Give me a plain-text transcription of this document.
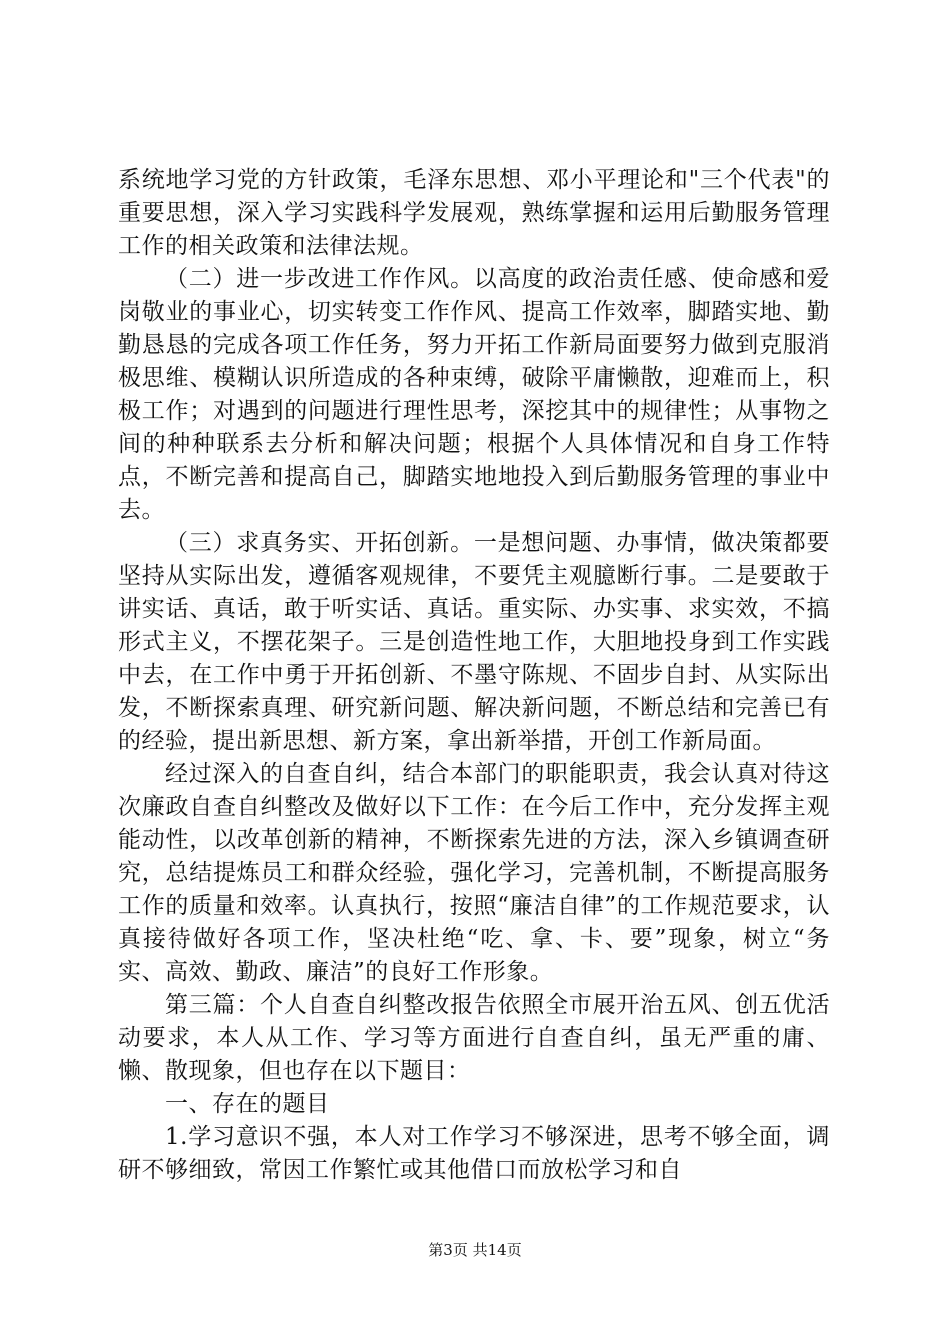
系统地学习党的方针政策，毛泽东思想、邓小平理论和"三个代表"的重要思想，深入学习实践科学发展观，熟练掌握和运用后勤服务管理工作的相关政策和法律法规。

（二）进一步改进工作作风。以高度的政治责任感、使命感和爱岗敬业的事业心，切实转变工作作风、提高工作效率，脚踏实地、勤勤恳恳的完成各项工作任务，努力开拓工作新局面要努力做到克服消极思维、模糊认识所造成的各种束缚，破除平庸懒散，迎难而上，积极工作；对遇到的问题进行理性思考，深挖其中的规律性；从事物之间的种种联系去分析和解决问题；根据个人具体情况和自身工作特点，不断完善和提高自己，脚踏实地地投入到后勤服务管理的事业中去。

（三）求真务实、开拓创新。一是想问题、办事情，做决策都要坚持从实际出发，遵循客观规律，不要凭主观臆断行事。二是要敢于讲实话、真话，敢于听实话、真话。重实际、办实事、求实效，不搞形式主义，不摆花架子。三是创造性地工作，大胆地投身到工作实践中去，在工作中勇于开拓创新、不墨守陈规、不固步自封、从实际出发，不断探索真理、研究新问题、解决新问题，不断总结和完善已有的经验，提出新思想、新方案，拿出新举措，开创工作新局面。

经过深入的自查自纠，结合本部门的职能职责，我会认真对待这次廉政自查自纠整改及做好以下工作：在今后工作中，充分发挥主观能动性，以改革创新的精神，不断探索先进的方法，深入乡镇调查研究，总结提炼员工和群众经验，强化学习，完善机制，不断提高服务工作的质量和效率。认真执行，按照“廉洁自律”的工作规范要求，认真接待做好各项工作，坚决杜绝“吃、拿、卡、要”现象，树立“务实、高效、勤政、廉洁”的良好工作形象。

第三篇：个人自查自纠整改报告依照全市展开治五风、创五优活动要求，本人从工作、学习等方面进行自查自纠，虽无严重的庸、懒、散现象，但也存在以下题目：

一、存在的题目

1.学习意识不强，本人对工作学习不够深进，思考不够全面，调研不够细致，常因工作繁忙或其他借口而放松学习和自

第3页 共14页
